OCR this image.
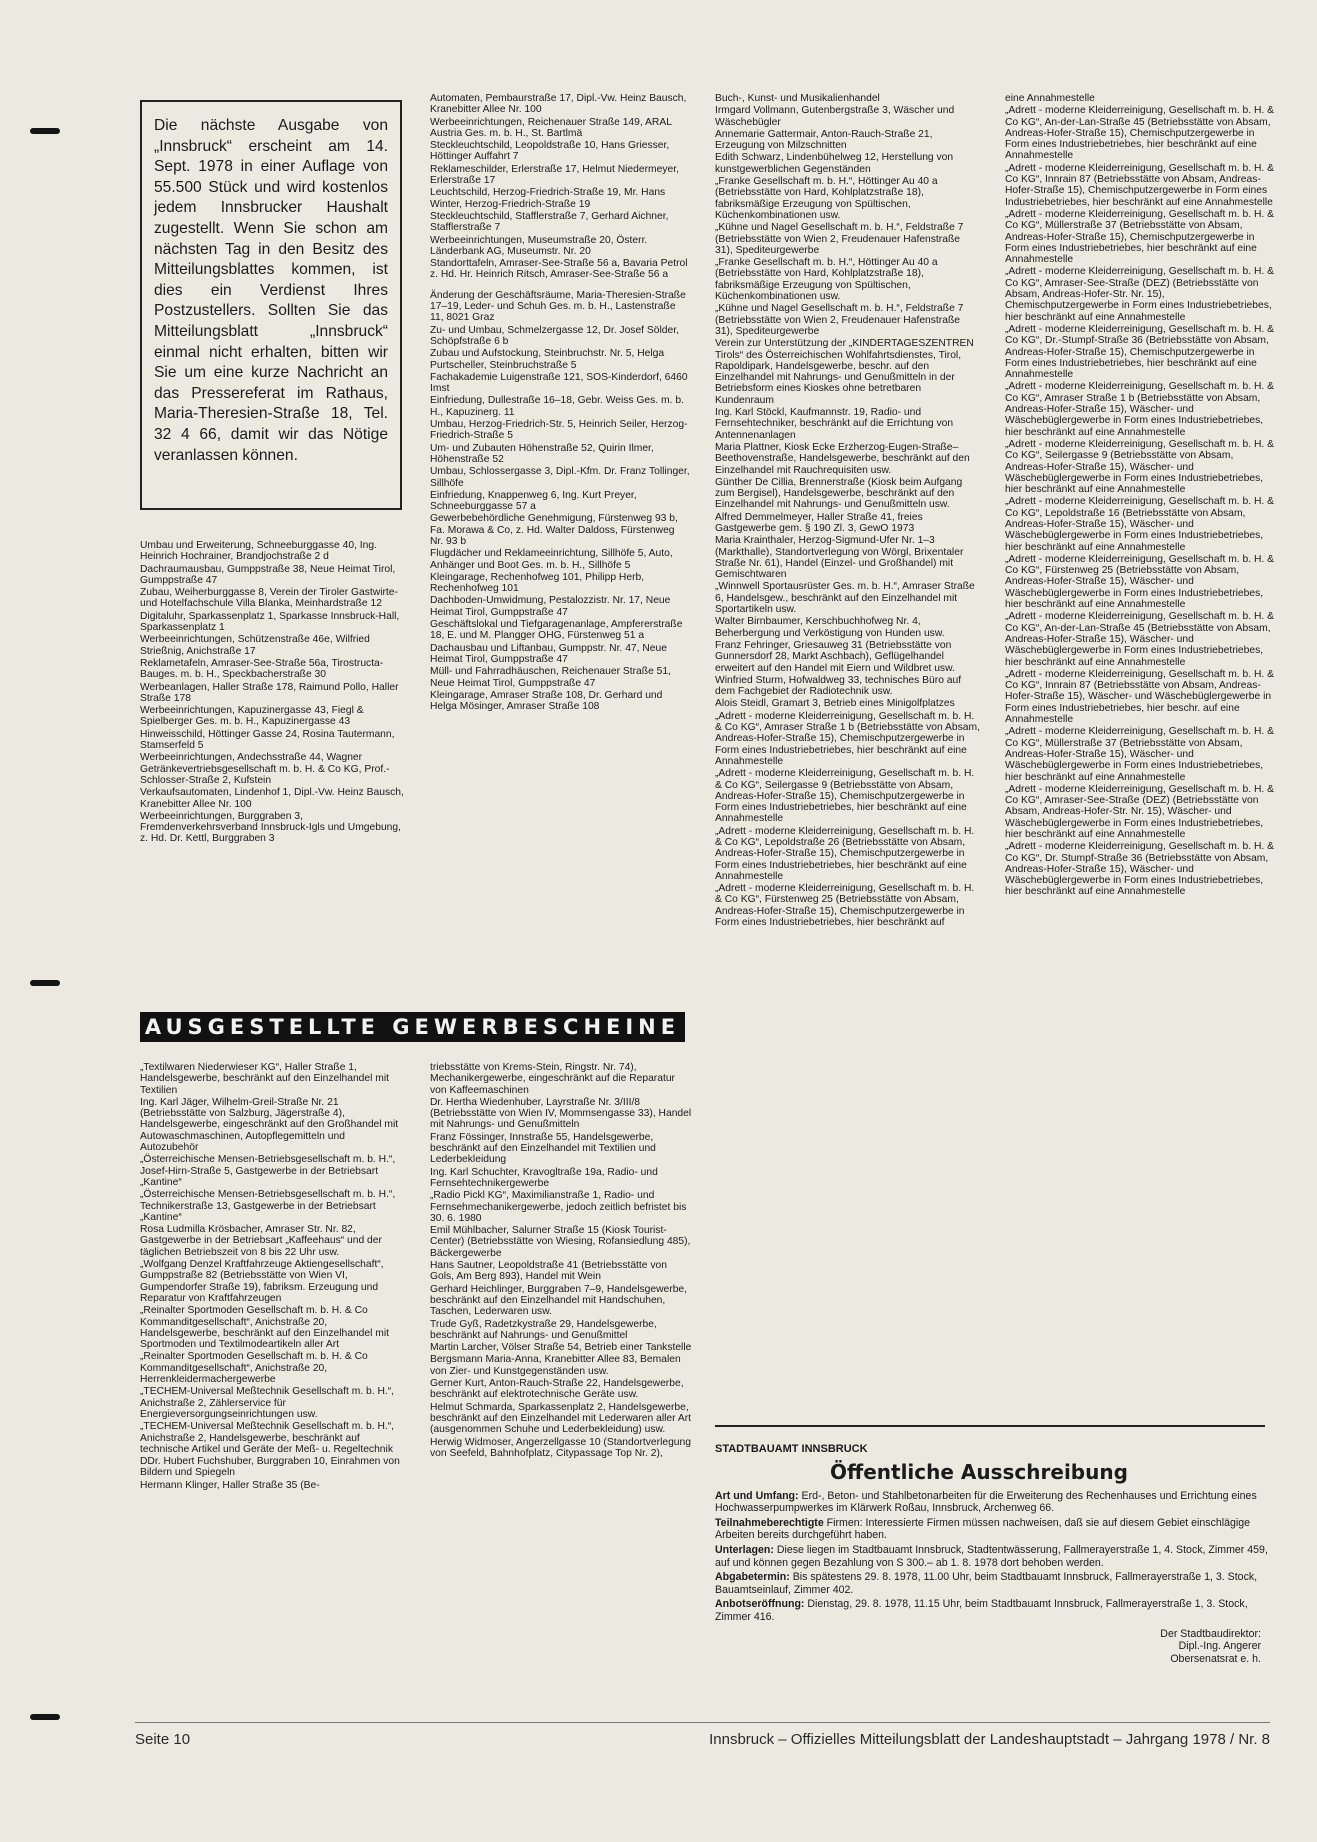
Die nächste Ausgabe von „Innsbruck“ erscheint am 14. Sept. 1978 in einer Auflage von 55.500 Stück und wird kostenlos jedem Innsbrucker Haushalt zugestellt. Wenn Sie schon am nächsten Tag in den Besitz des Mitteilungsblattes kommen, ist dies ein Verdienst Ihres Postzustellers. Sollten Sie das Mitteilungsblatt „Innsbruck“ einmal nicht erhalten, bitten wir Sie um eine kurze Nachricht an das Pressereferat im Rathaus, Maria-Theresien-Straße 18, Tel. 32 4 66, damit wir das Nötige veranlassen können.

Umbau und Erweiterung, Schneeburggasse 40, Ing. Heinrich Hochrainer, Brandjochstraße 2 d

Dachraumausbau, Gumppstraße 38, Neue Heimat Tirol, Gumppstraße 47

Zubau, Weiherburggasse 8, Verein der Tiroler Gastwirte- und Hotelfachschule Villa Blanka, Meinhardstraße 12

Digitaluhr, Sparkassenplatz 1, Sparkasse Innsbruck-Hall, Sparkassenplatz 1

Werbeeinrichtungen, Schützenstraße 46e, Wilfried Strießnig, Anichstraße 17

Reklametafeln, Amraser-See-Straße 56a, Tirostructa-Bauges. m. b. H., Speckbacherstraße 30

Werbeanlagen, Haller Straße 178, Raimund Pollo, Haller Straße 178

Werbeeinrichtungen, Kapuzinergasse 43, Fiegl & Spielberger Ges. m. b. H., Kapuzinergasse 43

Hinweisschild, Höttinger Gasse 24, Rosina Tautermann, Stamserfeld 5

Werbeeinrichtungen, Andechsstraße 44, Wagner Getränkevertriebsgesellschaft m. b. H. & Co KG, Prof.-Schlosser-Straße 2, Kufstein

Verkaufsautomaten, Lindenhof 1, Dipl.-Vw. Heinz Bausch, Kranebitter Allee Nr. 100

Werbeeinrichtungen, Burggraben 3, Fremdenverkehrsverband Innsbruck-Igls und Umgebung, z. Hd. Dr. Kettl, Burggraben 3

Automaten, Pembaurstraße 17, Dipl.-Vw. Heinz Bausch, Kranebitter Allee Nr. 100

Werbeeinrichtungen, Reichenauer Straße 149, ARAL Austria Ges. m. b. H., St. Bartlmä

Steckleuchtschild, Leopoldstraße 10, Hans Griesser, Höttinger Auffahrt 7

Reklameschilder, Erlerstraße 17, Helmut Niedermeyer, Erlerstraße 17

Leuchtschild, Herzog-Friedrich-Straße 19, Mr. Hans Winter, Herzog-Friedrich-Straße 19

Steckleuchtschild, Stafflerstraße 7, Gerhard Aichner, Stafflerstraße 7

Werbeeinrichtungen, Museumstraße 20, Österr. Länderbank AG, Museumstr. Nr. 20

Standorttafeln, Amraser-See-Straße 56 a, Bavaria Petrol z. Hd. Hr. Heinrich Ritsch, Amraser-See-Straße 56 a

Änderung der Geschäftsräume, Maria-Theresien-Straße 17–19, Leder- und Schuh Ges. m. b. H., Lastenstraße 11, 8021 Graz

Zu- und Umbau, Schmelzergasse 12, Dr. Josef Sölder, Schöpfstraße 6 b

Zubau und Aufstockung, Steinbruchstr. Nr. 5, Helga Purtscheller, Steinbruchstraße 5

Fachakademie Luigenstraße 121, SOS-Kinderdorf, 6460 Imst

Einfriedung, Dullestraße 16–18, Gebr. Weiss Ges. m. b. H., Kapuzinerg. 11

Umbau, Herzog-Friedrich-Str. 5, Heinrich Seiler, Herzog-Friedrich-Straße 5

Um- und Zubauten Höhenstraße 52, Quirin Ilmer, Höhenstraße 52

Umbau, Schlossergasse 3, Dipl.-Kfm. Dr. Franz Tollinger, Sillhöfe

Einfriedung, Knappenweg 6, Ing. Kurt Preyer, Schneeburggasse 57 a

Gewerbebehördliche Genehmigung, Fürstenweg 93 b, Fa. Morawa & Co, z. Hd. Walter Daldoss, Fürstenweg Nr. 93 b

Flugdächer und Reklameeinrichtung, Sillhöfe 5, Auto, Anhänger und Boot Ges. m. b. H., Sillhöfe 5

Kleingarage, Rechenhofweg 101, Philipp Herb, Rechenhofweg 101

Dachboden-Umwidmung, Pestalozzistr. Nr. 17, Neue Heimat Tirol, Gumppstraße 47

Geschäftslokal und Tiefgaragenanlage, Ampfererstraße 18, E. und M. Plangger OHG, Fürstenweg 51 a

Dachausbau und Liftanbau, Gumppstr. Nr. 47, Neue Heimat Tirol, Gumppstraße 47

Müll- und Fahrradhäuschen, Reichenauer Straße 51, Neue Heimat Tirol, Gumppstraße 47

Kleingarage, Amraser Straße 108, Dr. Gerhard und Helga Mösinger, Amraser Straße 108

Buch-, Kunst- und Musikalienhandel

Irmgard Vollmann, Gutenbergstraße 3, Wäscher und Wäschebügler

Annemarie Gattermair, Anton-Rauch-Straße 21, Erzeugung von Milzschnitten

Edith Schwarz, Lindenbühelweg 12, Herstellung von kunstgewerblichen Gegenständen

„Franke Gesellschaft m. b. H.“, Höttinger Au 40 a (Betriebsstätte von Hard, Kohlplatzstraße 18), fabriksmäßige Erzeugung von Spültischen, Küchenkombinationen usw.

„Kühne und Nagel Gesellschaft m. b. H.“, Feldstraße 7 (Betriebsstätte von Wien 2, Freudenauer Hafenstraße 31), Speditеurgewerbe

„Franke Gesellschaft m. b. H.“, Höttinger Au 40 a (Betriebsstätte von Hard, Kohlplatzstraße 18), fabriksmäßige Erzeugung von Spültischen, Küchenkombinationen usw.

„Kühne und Nagel Gesellschaft m. b. H.“, Feldstraße 7 (Betriebsstätte von Wien 2, Freudenauer Hafenstraße 31), Speditеurgewerbe

Verein zur Unterstützung der „KINDERTAGESZENTREN Tirols“ des Österreichischen Wohlfahrtsdienstes, Tirol, Rapoldipark, Handelsgewerbe, beschr. auf den Einzelhandel mit Nahrungs- und Genußmitteln in der Betriebsform eines Kioskes ohne betretbaren Kundenraum

Ing. Karl Stöckl, Kaufmannstr. 19, Radio- und Fernsehtechniker, beschränkt auf die Errichtung von Antennenanlagen

Maria Plattner, Kiosk Ecke Erzherzog-Eugen-Straße–Beethovenstraße, Handelsgewerbe, beschränkt auf den Einzelhandel mit Rauchrequisiten usw.

Günther De Cillia, Brennerstraße (Kiosk beim Aufgang zum Bergisel), Handelsgewerbe, beschränkt auf den Einzelhandel mit Nahrungs- und Genußmitteln usw.

Alfred Demmelmeyer, Haller Straße 41, freies Gastgewerbe gem. § 190 Zl. 3, GewO 1973

Maria Krainthaler, Herzog-Sigmund-Ufer Nr. 1–3 (Markthalle), Standortverlegung von Wörgl, Brixentaler Straße Nr. 61), Handel (Einzel- und Großhandel) mit Gemischtwaren

„Winnwell Sportausrüster Ges. m. b. H.“, Amraser Straße 6, Handelsgew., beschränkt auf den Einzelhandel mit Sportartikeln usw.

Walter Birnbaumer, Kerschbuchhofweg Nr. 4, Beherbergung und Verköstigung von Hunden usw.

Franz Fehringer, Griesauweg 31 (Betriebsstätte von Gunnersdorf 28, Markt Aschbach), Geflügelhandel erweitert auf den Handel mit Eiern und Wildbret usw.

Winfried Sturm, Hofwaldweg 33, technisches Büro auf dem Fachgebiet der Radiotechnik usw.

Alois Steidl, Gramart 3, Betrieb eines Minigolfplatzes

„Adrett - moderne Kleiderreinigung, Gesellschaft m. b. H. & Co KG“, Amraser Straße 1 b (Betriebsstätte von Absam, Andreas-Hofer-Straße 15), Chemischputzergewerbe in Form eines Industriebetriebes, hier beschränkt auf eine Annahmestelle

„Adrett - moderne Kleiderreinigung, Gesellschaft m. b. H. & Co KG“, Seilergasse 9 (Betriebsstätte von Absam, Andreas-Hofer-Straße 15), Chemischputzergewerbe in Form eines Industriebetriebes, hier beschränkt auf eine Annahmestelle

„Adrett - moderne Kleiderreinigung, Gesellschaft m. b. H. & Co KG“, Lepoldstraße 26 (Betriebsstätte von Absam, Andreas-Hofer-Straße 15), Chemischputzergewerbe in Form eines Industriebetriebes, hier beschränkt auf eine Annahmestelle

„Adrett - moderne Kleiderreinigung, Gesellschaft m. b. H. & Co KG“, Fürstenweg 25 (Betriebsstätte von Absam, Andreas-Hofer-Straße 15), Chemischputzergewerbe in Form eines Industriebetriebes, hier beschränkt auf

eine Annahmestelle

„Adrett - moderne Kleiderreinigung, Gesellschaft m. b. H. & Co KG“, An-der-Lan-Straße 45 (Betriebsstätte von Absam, Andreas-Hofer-Straße 15), Chemischputzergewerbe in Form eines Industriebetriebes, hier beschränkt auf eine Annahmestelle

„Adrett - moderne Kleiderreinigung, Gesellschaft m. b. H. & Co KG“, Innrain 87 (Betriebsstätte von Absam, Andreas-Hofer-Straße 15), Chemischputzergewerbe in Form eines Industriebetriebes, hier beschränkt auf eine Annahmestelle

„Adrett - moderne Kleiderreinigung, Gesellschaft m. b. H. & Co KG“, Müllerstraße 37 (Betriebsstätte von Absam, Andreas-Hofer-Straße 15), Chemischputzergewerbe in Form eines Industriebetriebes, hier beschränkt auf eine Annahmestelle

„Adrett - moderne Kleiderreinigung, Gesellschaft m. b. H. & Co KG“, Amraser-See-Straße (DEZ) (Betriebsstätte von Absam, Andreas-Hofer-Str. Nr. 15), Chemischputzergewerbe in Form eines Industriebetriebes, hier beschränkt auf eine Annahmestelle

„Adrett - moderne Kleiderreinigung, Gesellschaft m. b. H. & Co KG“, Dr.-Stumpf-Straße 36 (Betriebsstätte von Absam, Andreas-Hofer-Straße 15), Chemischputzergewerbe in Form eines Industriebetriebes, hier beschränkt auf eine Annahmestelle

„Adrett - moderne Kleiderreinigung, Gesellschaft m. b. H. & Co KG“, Amraser Straße 1 b (Betriebsstätte von Absam, Andreas-Hofer-Straße 15), Wäscher- und Wäschebüglergewerbe in Form eines Industriebetriebes, hier beschränkt auf eine Annahmestelle

„Adrett - moderne Kleiderreinigung, Gesellschaft m. b. H. & Co KG“, Seilergasse 9 (Betriebsstätte von Absam, Andreas-Hofer-Straße 15), Wäscher- und Wäschebüglergewerbe in Form eines Industriebetriebes, hier beschränkt auf eine Annahmestelle

„Adrett - moderne Kleiderreinigung, Gesellschaft m. b. H. & Co KG“, Lepoldstraße 16 (Betriebsstätte von Absam, Andreas-Hofer-Straße 15), Wäscher- und Wäschebüglergewerbe in Form eines Industriebetriebes, hier beschränkt auf eine Annahmestelle

„Adrett - moderne Kleiderreinigung, Gesellschaft m. b. H. & Co KG“, Fürstenweg 25 (Betriebsstätte von Absam, Andreas-Hofer-Straße 15), Wäscher- und Wäschebüglergewerbe in Form eines Industriebetriebes, hier beschränkt auf eine Annahmestelle

„Adrett - moderne Kleiderreinigung, Gesellschaft m. b. H. & Co KG“, An-der-Lan-Straße 45 (Betriebsstätte von Absam, Andreas-Hofer-Straße 15), Wäscher- und Wäschebüglergewerbe in Form eines Industriebetriebes, hier beschränkt auf eine Annahmestelle

„Adrett - moderne Kleiderreinigung, Gesellschaft m. b. H. & Co KG“, Innrain 87 (Betriebsstätte von Absam, Andreas-Hofer-Straße 15), Wäscher- und Wäschebüglergewerbe in Form eines Industriebetriebes, hier beschr. auf eine Annahmestelle

„Adrett - moderne Kleiderreinigung, Gesellschaft m. b. H. & Co KG“, Müllerstraße 37 (Betriebsstätte von Absam, Andreas-Hofer-Straße 15), Wäscher- und Wäschebüglergewerbe in Form eines Industriebetriebes, hier beschränkt auf eine Annahmestelle

„Adrett - moderne Kleiderreinigung, Gesellschaft m. b. H. & Co KG“, Amraser-See-Straße (DEZ) (Betriebsstätte von Absam, Andreas-Hofer-Str. Nr. 15), Wäscher- und Wäschebüglergewerbe in Form eines Industriebetriebes, hier beschränkt auf eine Annahmestelle

„Adrett - moderne Kleiderreinigung, Gesellschaft m. b. H. & Co KG“, Dr. Stumpf-Straße 36 (Betriebsstätte von Absam, Andreas-Hofer-Straße 15), Wäscher- und Wäschebüglergewerbe in Form eines Industriebetriebes, hier beschränkt auf eine Annahmestelle

AUSGESTELLTE GEWERBESCHEINE

„Textilwaren Niederwieser KG“, Haller Straße 1, Handelsgewerbe, beschränkt auf den Einzelhandel mit Textilien

Ing. Karl Jäger, Wilhelm-Greil-Straße Nr. 21 (Betriebsstätte von Salzburg, Jägerstraße 4), Handelsgewerbe, eingeschränkt auf den Großhandel mit Autowaschmaschinen, Autopflegemitteln und Autozubehör

„Österreichische Mensen-Betriebsgesellschaft m. b. H.“, Josef-Hirn-Straße 5, Gastgewerbe in der Betriebsart „Kantine“

„Österreichische Mensen-Betriebsgesellschaft m. b. H.“, Technikerstraße 13, Gastgewerbe in der Betriebsart „Kantine“

Rosa Ludmilla Krösbacher, Amraser Str. Nr. 82, Gastgewerbe in der Betriebsart „Kaffeehaus“ und der täglichen Betriebszeit von 8 bis 22 Uhr usw.

„Wolfgang Denzel Kraftfahrzeuge Aktiengesellschaft“, Gumppstraße 82 (Betriebsstätte von Wien VI, Gumpendorfer Straße 19), fabriksm. Erzeugung und Reparatur von Kraftfahrzeugen

„Reinalter Sportmoden Gesellschaft m. b. H. & Co Kommanditgesellschaft“, Anichstraße 20, Handelsgewerbe, beschränkt auf den Einzelhandel mit Sportmoden und Textilmodeartikeln aller Art

„Reinalter Sportmoden Gesellschaft m. b. H. & Co Kommanditgesellschaft“, Anichstraße 20, Herrenkleidermachergewerbe

„TECHEM-Universal Meßtechnik Gesellschaft m. b. H.“, Anichstraße 2, Zählerservice für Energieversorgungseinrichtungen usw.

„TECHEM-Universal Meßtechnik Gesellschaft m. b. H.“, Anichstraße 2, Handelsgewerbe, beschränkt auf technische Artikel und Geräte der Meß- u. Regeltechnik

DDr. Hubert Fuchshuber, Burggraben 10, Einrahmen von Bildern und Spiegeln

Hermann Klinger, Haller Straße 35 (Be-

triebsstätte von Krems-Stein, Ringstr. Nr. 74), Mechanikergewerbe, eingeschränkt auf die Reparatur von Kaffeemaschinen

Dr. Hertha Wiedenhuber, Layrstraße Nr. 3/III/8 (Betriebsstätte von Wien IV, Mommsengasse 33), Handel mit Nahrungs- und Genußmitteln

Franz Fössinger, Innstraße 55, Handelsgewerbe, beschränkt auf den Einzelhandel mit Textilien und Lederbekleidung

Ing. Karl Schuchter, Kravogltraße 19a, Radio- und Fernsehtechnikergewerbe

„Radio Pickl KG“, Maximilianstraße 1, Radio- und Fernsehmechanikergewerbe, jedoch zeitlich befristet bis 30. 6. 1980

Emil Mühlbacher, Salurner Straße 15 (Kiosk Tourist-Center) (Betriebsstätte von Wiesing, Rofansiedlung 485), Bäckergewerbe

Hans Sautner, Leopoldstraße 41 (Betriebsstätte von Gols, Am Berg 893), Handel mit Wein

Gerhard Heichlinger, Burggraben 7–9, Handelsgewerbe, beschränkt auf den Einzelhandel mit Handschuhen, Taschen, Lederwaren usw.

Trude Gyß, Radetzkystraße 29, Handelsgewerbe, beschränkt auf Nahrungs- und Genußmittel

Martin Larcher, Völser Straße 54, Betrieb einer Tankstelle

Bergsmann Maria-Anna, Kranebitter Allee 83, Bemalen von Zier- und Kunstgegenständen usw.

Gerner Kurt, Anton-Rauch-Straße 22, Handelsgewerbe, beschränkt auf elektrotechnische Geräte usw.

Helmut Schmarda, Sparkassenplatz 2, Handelsgewerbe, beschränkt auf den Einzelhandel mit Lederwaren aller Art (ausgenommen Schuhe und Lederbekleidung) usw.

Herwig Widmoser, Angerzellgasse 10 (Standortverlegung von Seefeld, Bahnhofplatz, Citypassage Top Nr. 2),	STADTBAUAMT INNSBRUCK
Öffentliche Ausschreibung

Art und Umfang: Erd-, Beton- und Stahlbetonarbeiten für die Erweiterung des Rechenhauses und Errichtung eines Hochwasserpumpwerkes im Klärwerk Roßau, Innsbruck, Archenweg 66.

Teilnahmeberechtigte Firmen: Interessierte Firmen müssen nachweisen, daß sie auf diesem Gebiet einschlägige Arbeiten bereits durchgeführt haben.

Unterlagen: Diese liegen im Stadtbauamt Innsbruck, Stadtentwässerung, Fallmerayerstraße 1, 4. Stock, Zimmer 459, auf und können gegen Bezahlung von S 300.– ab 1. 8. 1978 dort behoben werden.

Abgabetermin: Bis spätestens 29. 8. 1978, 11.00 Uhr, beim Stadtbauamt Innsbruck, Fallmerayerstraße 1, 3. Stock, Bauamtseinlauf, Zimmer 402.

Anbotseröffnung: Dienstag, 29. 8. 1978, 11.15 Uhr, beim Stadtbauamt Innsbruck, Fallmerayerstraße 1, 3. Stock, Zimmer 416.

Der Stadtbaudirektor:
Dipl.-Ing. Angerer
Obersenatsrat e. h.
Seite 10	Innsbruck – Offizielles Mitteilungsblatt der Landeshauptstadt – Jahrgang 1978 / Nr. 8
